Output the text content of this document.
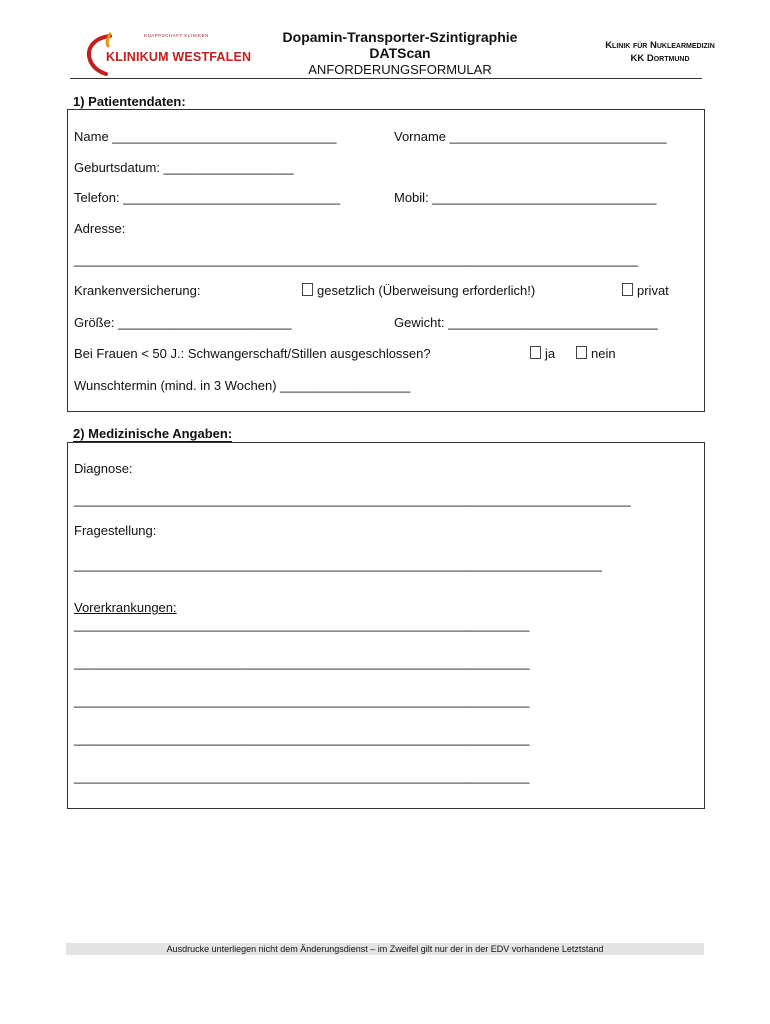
KNAPPSCHAFT KLINIKEN
KLINIKUM WESTFALEN
Dopamin-Transporter-Szintigraphie
DATScan
ANFORDERUNGSFORMULAR
Klinik für Nuklearmedizin
KK Dortmund
1) Patientendaten:
Name _______________________________	Vorname ______________________________
Geburtsdatum: __________________
Telefon: ______________________________	Mobil: _______________________________
Adresse:
______________________________________________________________________________
Krankenversicherung:	gesetzlich (Überweisung erforderlich!)	privat
Größe: ________________________	Gewicht: _____________________________
Bei Frauen < 50 J.: Schwangerschaft/Stillen ausgeschlossen?	ja	nein
Wunschtermin (mind. in 3 Wochen) __________________
2) Medizinische Angaben:
Diagnose:
_____________________________________________________________________________
Fragestellung:
_________________________________________________________________________
Vorerkrankungen:
_______________________________________________________________
_______________________________________________________________
_______________________________________________________________
_______________________________________________________________
_______________________________________________________________
Ausdrucke unterliegen nicht dem Änderungsdienst – im Zweifel gilt nur der in der EDV vorhandene Letztstand
